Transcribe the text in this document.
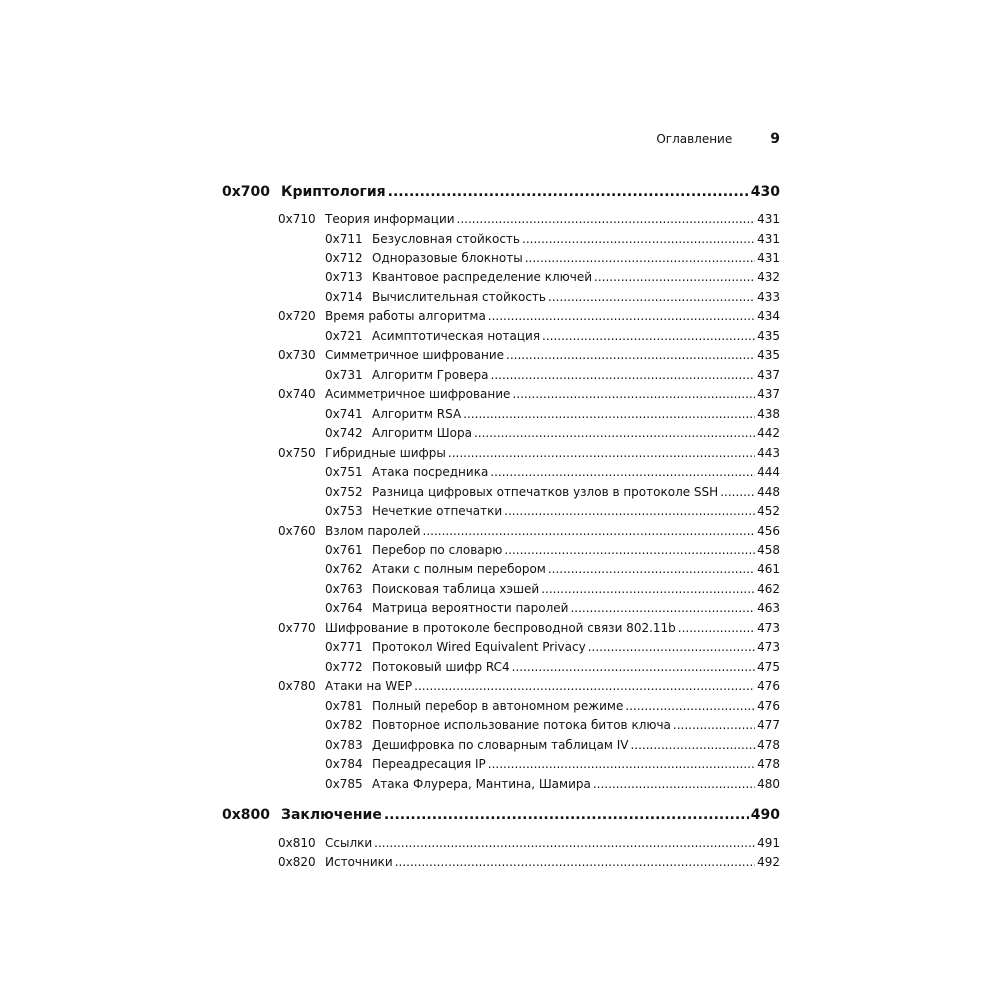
Оглавление	9
0x700 Криптология .....	430
0x710 Теория информации .....	431
0x711 Безусловная стойкость .....	431
0x712 Одноразовые блокноты .....	431
0x713 Квантовое распределение ключей .....	432
0x714 Вычислительная стойкость .....	433
0x720 Время работы алгоритма .....	434
0x721 Асимптотическая нотация .....	435
0x730 Симметричное шифрование .....	435
0x731 Алгоритм Гровера .....	437
0x740 Асимметричное шифрование .....	437
0x741 Алгоритм RSA .....	438
0x742 Алгоритм Шора .....	442
0x750 Гибридные шифры .....	443
0x751 Атака посредника .....	444
0x752 Разница цифровых отпечатков узлов в протоколе SSH .....	448
0x753 Нечеткие отпечатки .....	452
0x760 Взлом паролей .....	456
0x761 Перебор по словарю .....	458
0x762 Атаки с полным перебором .....	461
0x763 Поисковая таблица хэшей .....	462
0x764 Матрица вероятности паролей .....	463
0x770 Шифрование в протоколе беспроводной связи 802.11b .....	473
0x771 Протокол Wired Equivalent Privacy .....	473
0x772 Потоковый шифр RC4 .....	475
0x780 Атаки на WEP .....	476
0x781 Полный перебор в автономном режиме .....	476
0x782 Повторное использование потока битов ключа .....	477
0x783 Дешифровка по словарным таблицам IV .....	478
0x784 Переадресация IP .....	478
0x785 Атака Флурера, Мантина, Шамира .....	480
0x800 Заключение .....	490
0x810 Ссылки .....	491
0x820 Источники .....	492
